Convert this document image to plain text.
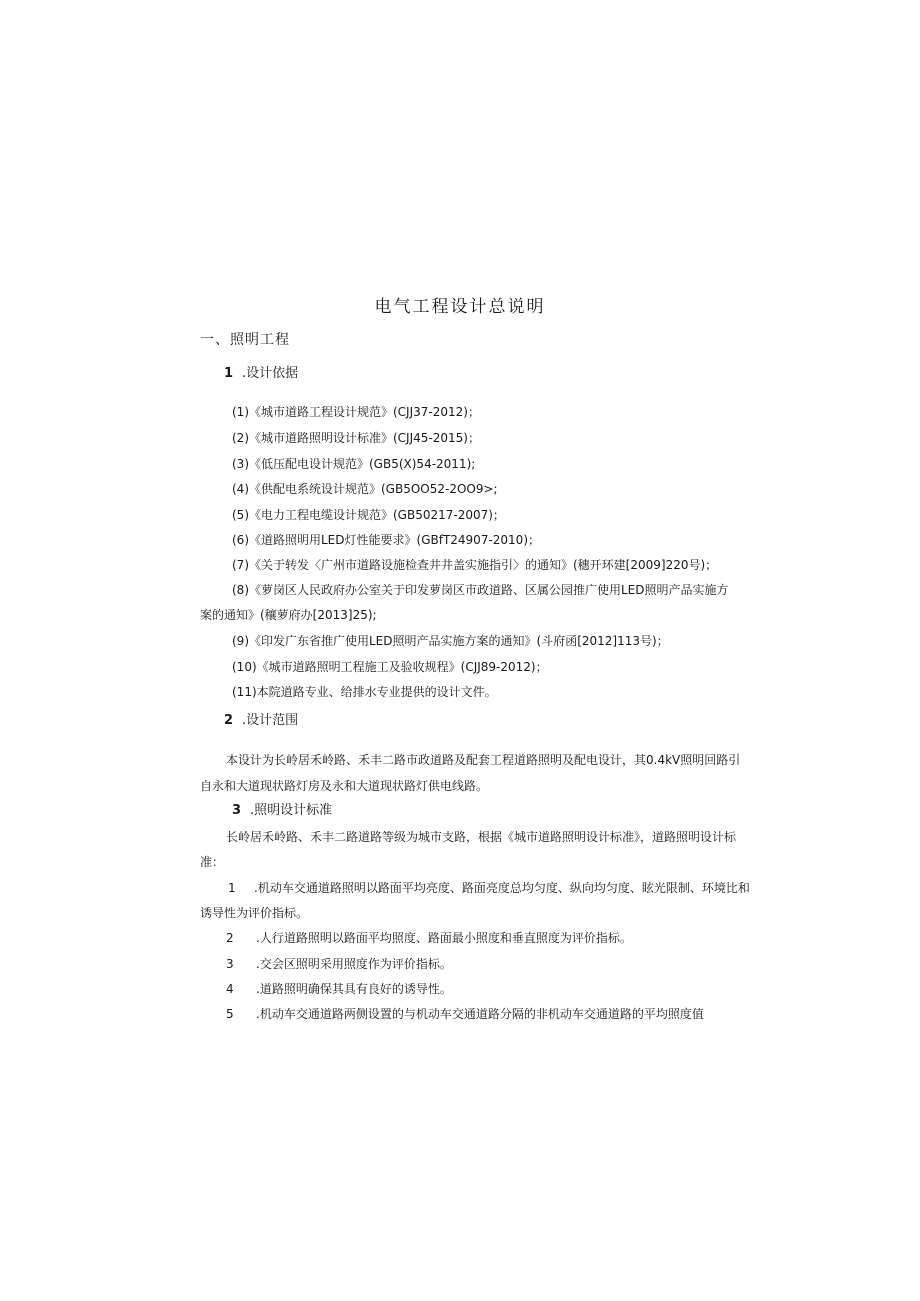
电气工程设计总说明
一、照明工程
1 .设计依据
(1)《城市道路工程设计规范》(CJJ37-2012)；
(2)《城市道路照明设计标准》(CJJ45-2015)；
(3)《低压配电设计规范》(GB5(X)54-2011);
(4)《供配电系统设计规范》(GB5OO52-2OO9>;
(5)《电力工程电缆设计规范》(GB50217-2007)；
(6)《道路照明用LED灯性能要求》(GBfT24907-2010)；
(7)《关于转发〈广州市道路设施检查井井盖实施指引〉的通知》(穗开环建[2009]220号)；
(8)《萝岗区人民政府办公室关于印发萝岗区市政道路、区属公园推广使用LED照明产品实施方
案的通知》(穰萝府办[2013]25);
(9)《印发广东省推广使用LED照明产品实施方案的通知》(斗府函[2012]113号)；
(10)《城市道路照明工程施工及验收规程》(CJJ89-2012)；
(11)本院道路专业、给排水专业提供的设计文件。
2 .设计范围
本设计为长岭居禾岭路、禾丰二路市政道路及配套工程道路照明及配电设计，其0.4kV照明回路引
自永和大道现状路灯房及永和大道现状路灯供电线路。
3 .照明设计标准
长岭居禾岭路、禾丰二路道路等级为城市支路，根据《城市道路照明设计标准》，道路照明设计标
准：
1 .机动车交通道路照明以路面平均亮度、路面亮度总均匀度、纵向均匀度、眩光限制、环境比和
诱导性为评价指标。
2 .人行道路照明以路面平均照度、路面最小照度和垂直照度为评价指标。
3 .交会区照明采用照度作为评价指标。
4 .道路照明确保其具有良好的诱导性。
5 .机动车交通道路两侧设置的与机动车交通道路分隔的非机动车交通道路的平均照度值
